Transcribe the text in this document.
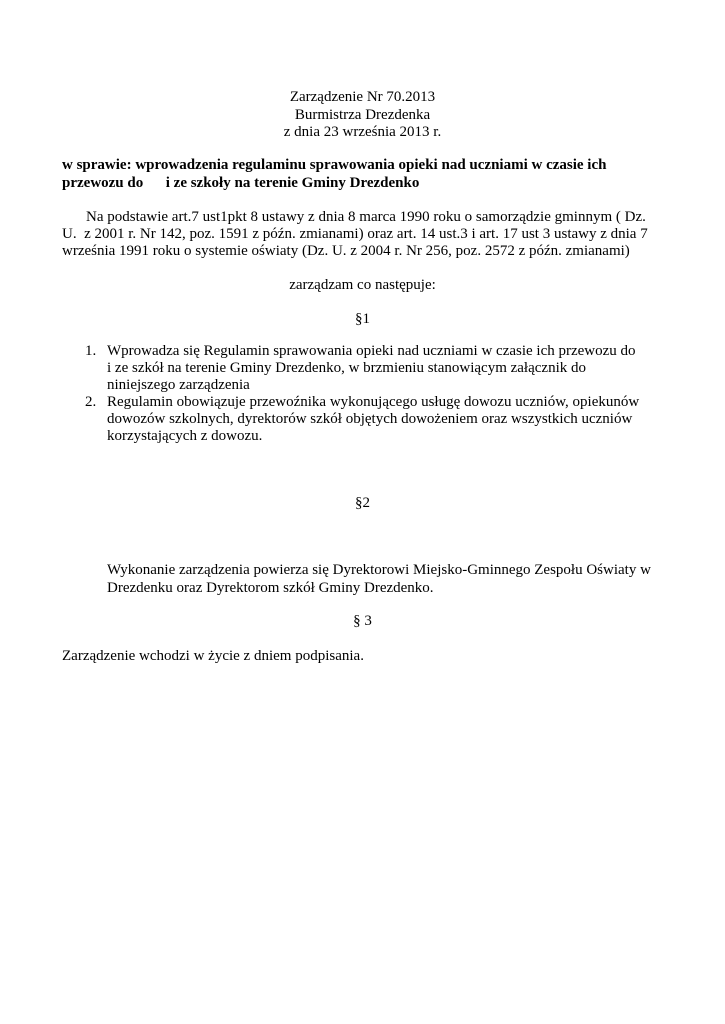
Zarządzenie Nr 70.2013

Burmistrza Drezdenka

z dnia 23 września 2013 r.

w sprawie: wprowadzenia regulaminu sprawowania opieki nad uczniami w czasie ich

przewozu do      i ze szkoły na terenie Gminy Drezdenko

Na podstawie art.7 ust1pkt 8 ustawy z dnia 8 marca 1990 roku o samorządzie gminnym ( Dz.

U.  z 2001 r. Nr 142, poz. 1591 z późn. zmianami) oraz art. 14 ust.3 i art. 17 ust 3 ustawy z dnia 7

września 1991 roku o systemie oświaty (Dz. U. z 2004 r. Nr 256, poz. 2572 z późn. zmianami)

zarządzam co następuje:

§1

1. Wprowadza się Regulamin sprawowania opieki nad uczniami w czasie ich przewozu do

i ze szkół na terenie Gminy Drezdenko, w brzmieniu stanowiącym załącznik do

niniejszego zarządzenia

2. Regulamin obowiązuje przewoźnika wykonującego usługę dowozu uczniów, opiekunów

dowozów szkolnych, dyrektorów szkół objętych dowożeniem oraz wszystkich uczniów

korzystających z dowozu.

§2

Wykonanie zarządzenia powierza się Dyrektorowi Miejsko-Gminnego Zespołu Oświaty w

Drezdenku oraz Dyrektorom szkół Gminy Drezdenko.

§ 3

Zarządzenie wchodzi w życie z dniem podpisania.
